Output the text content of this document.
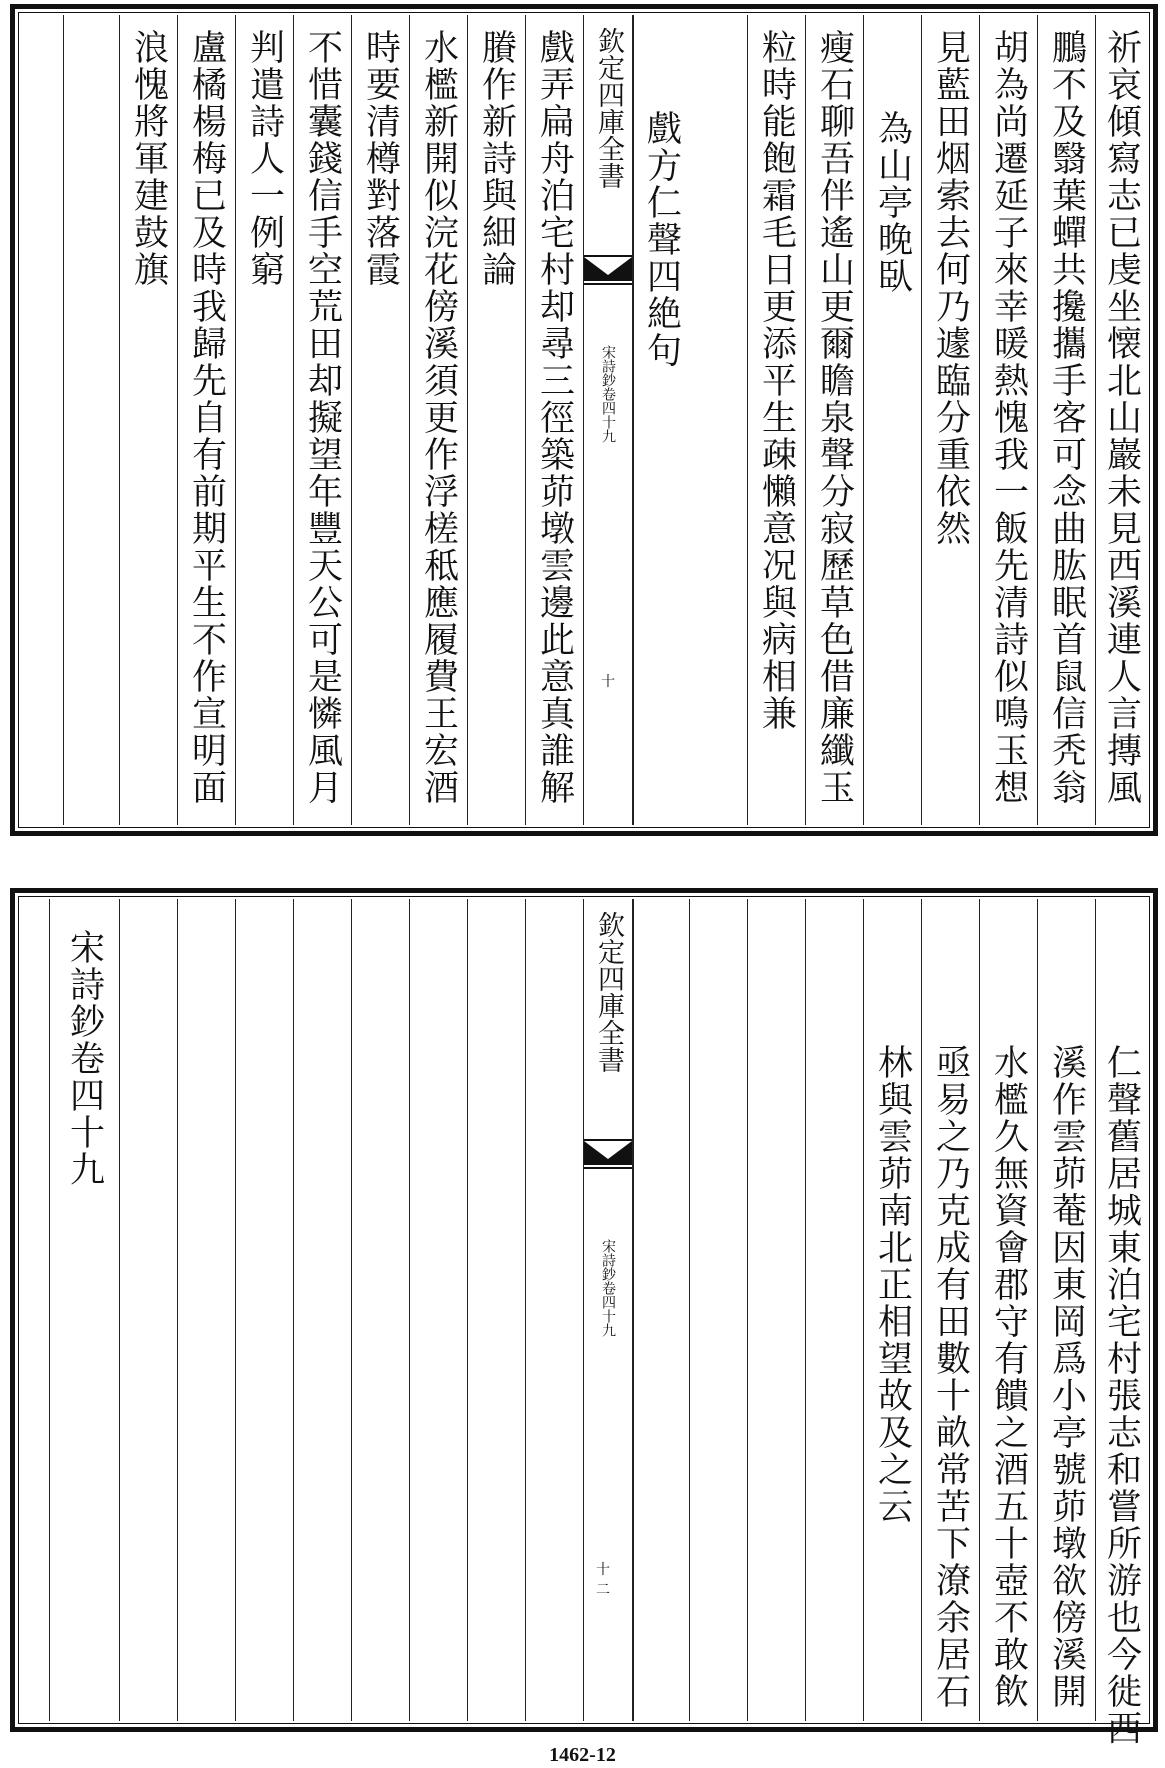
祈哀傾寫志已虔坐懐北山巖未見西溪連人言摶風
鵬不及翳葉蟬共攙攜手客可念曲肱眠首鼠信秃翁
胡為尚遷延子來幸暖熱愧我一飯先清詩似鳴玉想
見藍田烟索去何乃遽臨分重依然
為山亭晚臥
瘦石聊吾伴遙山更爾瞻泉聲分寂歷草色借廉纖玉
粒時能飽霜毛日更添平生疎懶意况與病相兼
戲方仁聲四絶句
欽定四庫全書
宋詩鈔卷四十九
十
戲弄扁舟泊宅村却尋三徑築茆墩雲邊此意真誰解
賸作新詩與細論
水檻新開似浣花傍溪須更作浮槎秪應履費王宏酒
時要清樽對落霞
不惜囊錢信手空荒田却擬望年豐天公可是憐風月
判遣詩人一例窮
盧橘楊梅已及時我歸先自有前期平生不作宣明面
浪愧將軍建鼓旗
仁聲舊居城東泊宅村張志和嘗所游也今徙西
溪作雲茆菴因東岡爲小亭號茆墩欲傍溪開
水檻久無資會郡守有饋之酒五十壺不敢飲
亟易之乃克成有田數十畝常苦下潦余居石
林與雲茆南北正相望故及之云
欽定四庫全書
宋詩鈔卷四十九
十二
宋詩鈔卷四十九
1462-12
